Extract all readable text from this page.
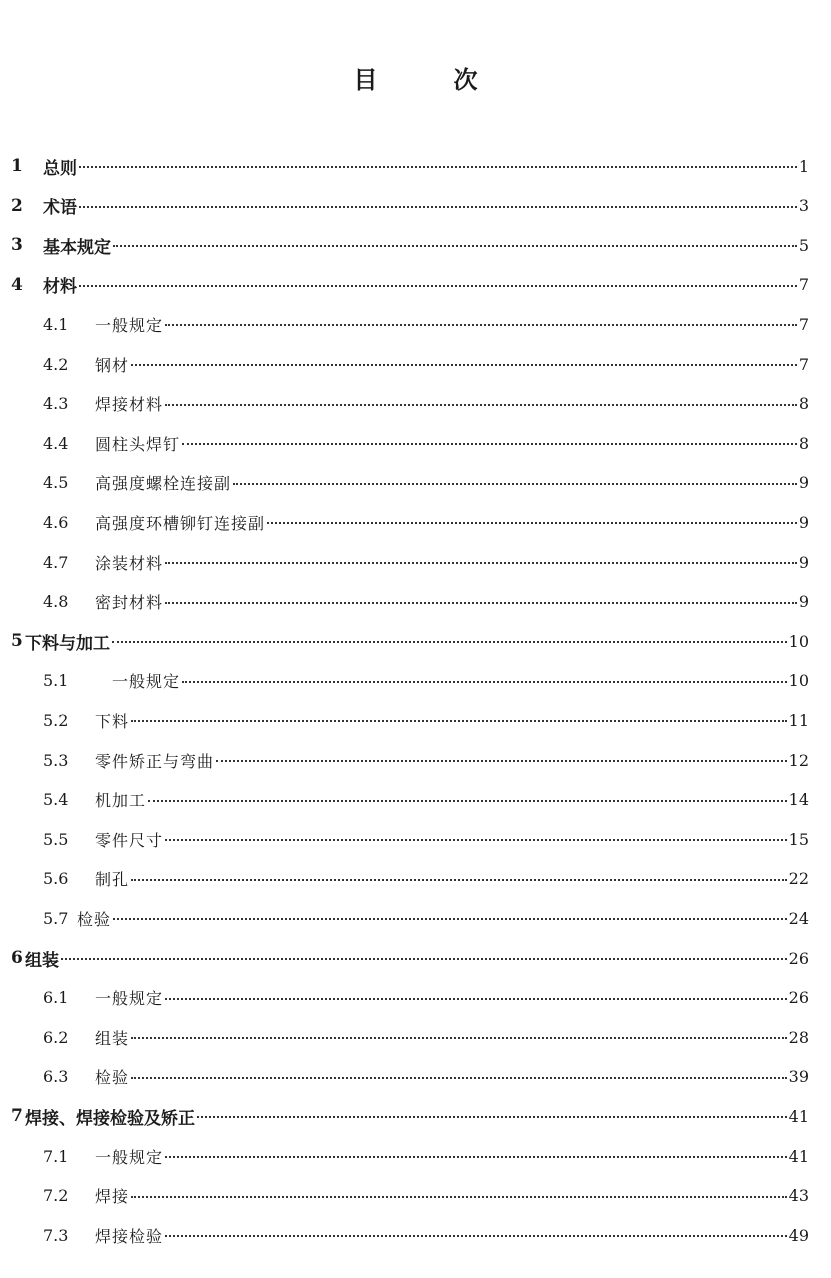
目　次
1	总则	1
2	术语	3
3	基本规定	5
4	材料	7
4.1	一般规定	7
4.2	钢材	7
4.3	焊接材料	8
4.4	圆柱头焊钉	8
4.5	高强度螺栓连接副	9
4.6	高强度环槽铆钉连接副	9
4.7	涂装材料	9
4.8	密封材料	9
5 下料与加工	10
5.1	　一般规定	10
5.2	下料	11
5.3	零件矫正与弯曲	12
5.4	机加工	14
5.5	零件尺寸	15
5.6	制孔	22
5.7 检验	24
6 组装	26
6.1	一般规定	26
6.2	组装	28
6.3	检验	39
7 焊接、焊接检验及矫正	41
7.1	一般规定	41
7.2	焊接	43
7.3	焊接检验	49
